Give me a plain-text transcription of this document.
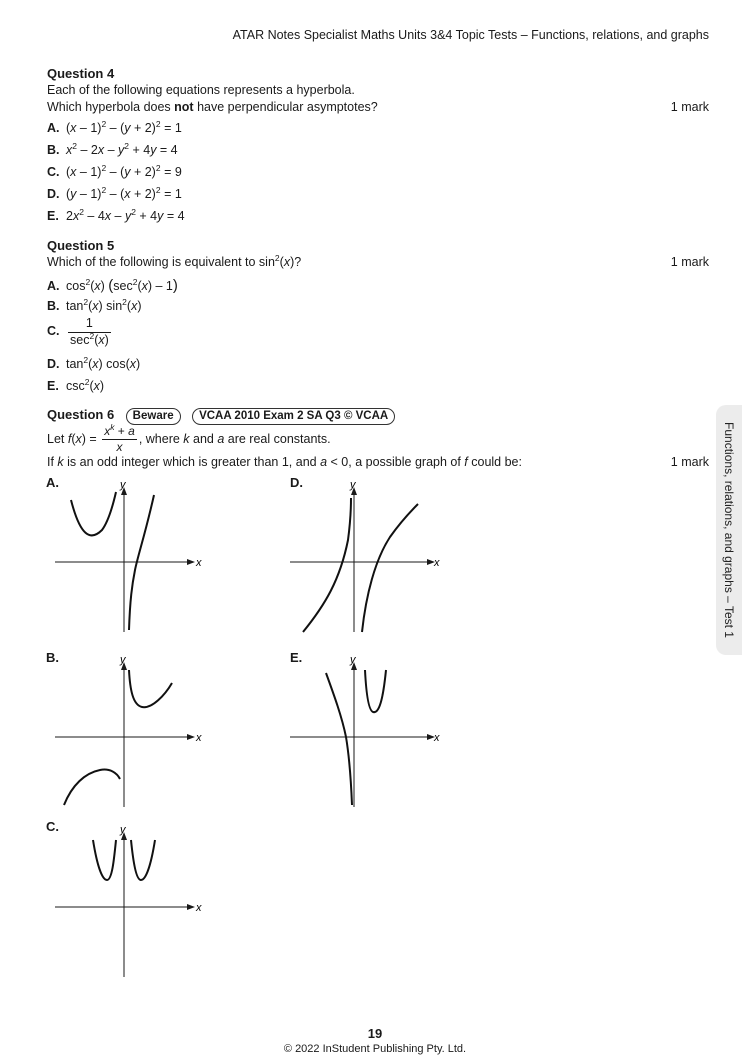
ATAR Notes Specialist Maths Units 3&4 Topic Tests – Functions, relations, and graphs
Question 4
Each of the following equations represents a hyperbola.
Which hyperbola does not have perpendicular asymptotes?	1 mark
A. $(x - 1)^2 - (y + 2)^2 = 1$
B. $x^2 - 2x - y^2 + 4y = 4$
C. $(x - 1)^2 - (y + 2)^2 = 9$
D. $(y - 1)^2 - (x + 2)^2 = 1$
E. $2x^2 - 4x - y^2 + 4y = 4$
Question 5
Which of the following is equivalent to $\sin^2(x)$?	1 mark
A. $\cos^2(x)$ $(\sec^2(x) - 1)$
B. $\tan^2(x)$ $\sin^2(x)$
C. $\frac{1}{\sec^2(x)}$
D. $\tan^2(x)$ cos(x)
E. $\csc^2(x)$
Question 6 Beware VCAA 2010 Exam 2 SA Q3 © VCAA
Let $f(x) = \frac{x^k + a}{x}$ , where k and a are real constants.
If k is an odd integer which is greater than 1, and a < 0, a possible graph of f could be:	1 mark
A.
x
y	D.
x
y
B.
x
y	E.
x
y
C.
x
y
Functions, relations, and graphs – Test 1
19
© 2022 InStudent Publishing Pty. Ltd.
